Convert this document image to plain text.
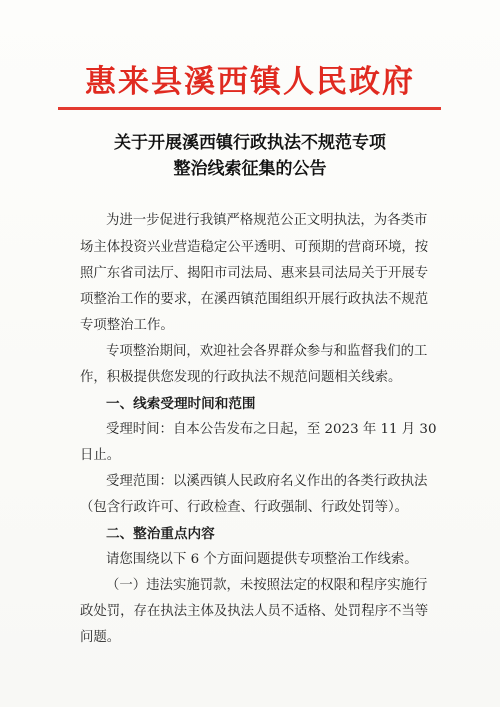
惠来县溪西镇人民政府
关于开展溪西镇行政执法不规范专项
整治线索征集的公告
为进一步促进行我镇严格规范公正文明执法，为各类市
场主体投资兴业营造稳定公平透明、可预期的营商环境，按
照广东省司法厅、揭阳市司法局、惠来县司法局关于开展专
项整治工作的要求，在溪西镇范围组织开展行政执法不规范
专项整治工作。
专项整治期间，欢迎社会各界群众参与和监督我们的工
作，积极提供您发现的行政执法不规范问题相关线索。
一、线索受理时间和范围
受理时间：自本公告发布之日起，至 2023 年 11 月 30
日止。
受理范围：以溪西镇人民政府名义作出的各类行政执法
（包含行政许可、行政检查、行政强制、行政处罚等）。
二、整治重点内容
请您围绕以下 6 个方面问题提供专项整治工作线索。
（一）违法实施罚款，未按照法定的权限和程序实施行
政处罚，存在执法主体及执法人员不适格、处罚程序不当等
问题。
